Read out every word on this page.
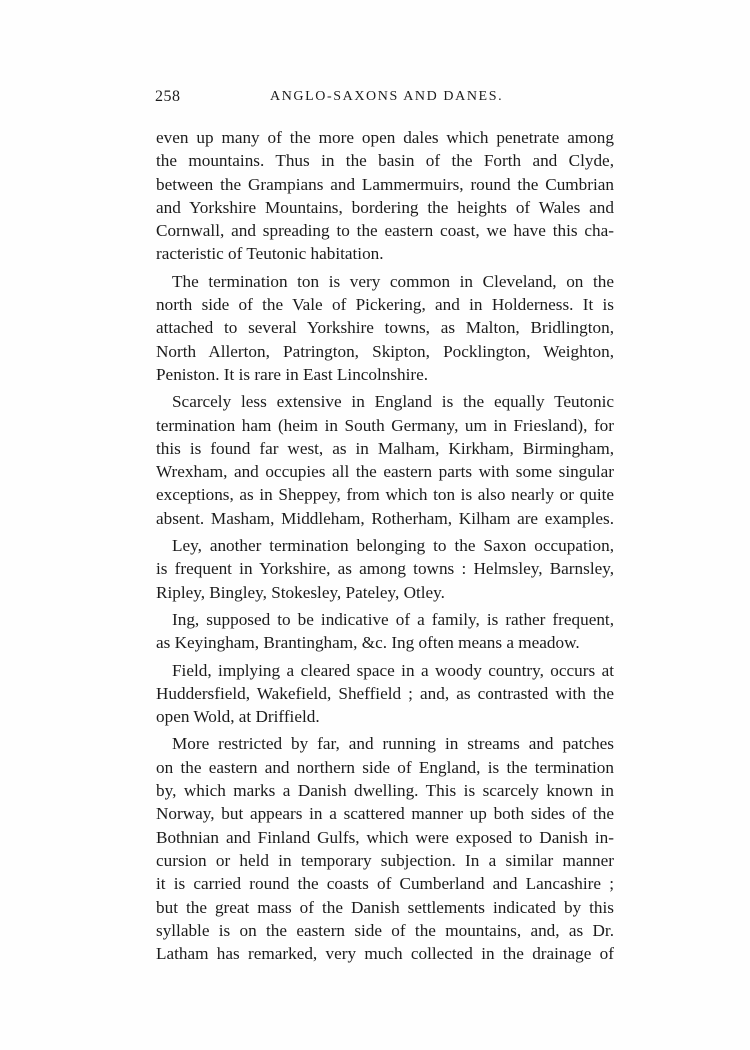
258	ANGLO-SAXONS AND DANES.
even up many of the more open dales which penetrate among
the mountains. Thus in the basin of the Forth and Clyde,
between the Grampians and Lammermuirs, round the Cumbrian
and Yorkshire Mountains, bordering the heights of Wales and
Cornwall, and spreading to the eastern coast, we have this cha-
racteristic of Teutonic habitation.
The termination ton is very common in Cleveland, on the
north side of the Vale of Pickering, and in Holderness. It is
attached to several Yorkshire towns, as Malton, Bridlington,
North Allerton, Patrington, Skipton, Pocklington, Weighton,
Peniston. It is rare in East Lincolnshire.
Scarcely less extensive in England is the equally Teutonic
termination ham (heim in South Germany, um in Friesland), for
this is found far west, as in Malham, Kirkham, Birmingham,
Wrexham, and occupies all the eastern parts with some singular
exceptions, as in Sheppey, from which ton is also nearly or quite
absent. Masham, Middleham, Rotherham, Kilham are examples.
Ley, another termination belonging to the Saxon occupation,
is frequent in Yorkshire, as among towns : Helmsley, Barnsley,
Ripley, Bingley, Stokesley, Pateley, Otley.
Ing, supposed to be indicative of a family, is rather frequent,
as Keyingham, Brantingham, &c. Ing often means a meadow.
Field, implying a cleared space in a woody country, occurs at
Huddersfield, Wakefield, Sheffield ; and, as contrasted with the
open Wold, at Driffield.
More restricted by far, and running in streams and patches
on the eastern and northern side of England, is the termination
by, which marks a Danish dwelling. This is scarcely known in
Norway, but appears in a scattered manner up both sides of the
Bothnian and Finland Gulfs, which were exposed to Danish in-
cursion or held in temporary subjection. In a similar manner
it is carried round the coasts of Cumberland and Lancashire ;
but the great mass of the Danish settlements indicated by this
syllable is on the eastern side of the mountains, and, as Dr.
Latham has remarked, very much collected in the drainage of
